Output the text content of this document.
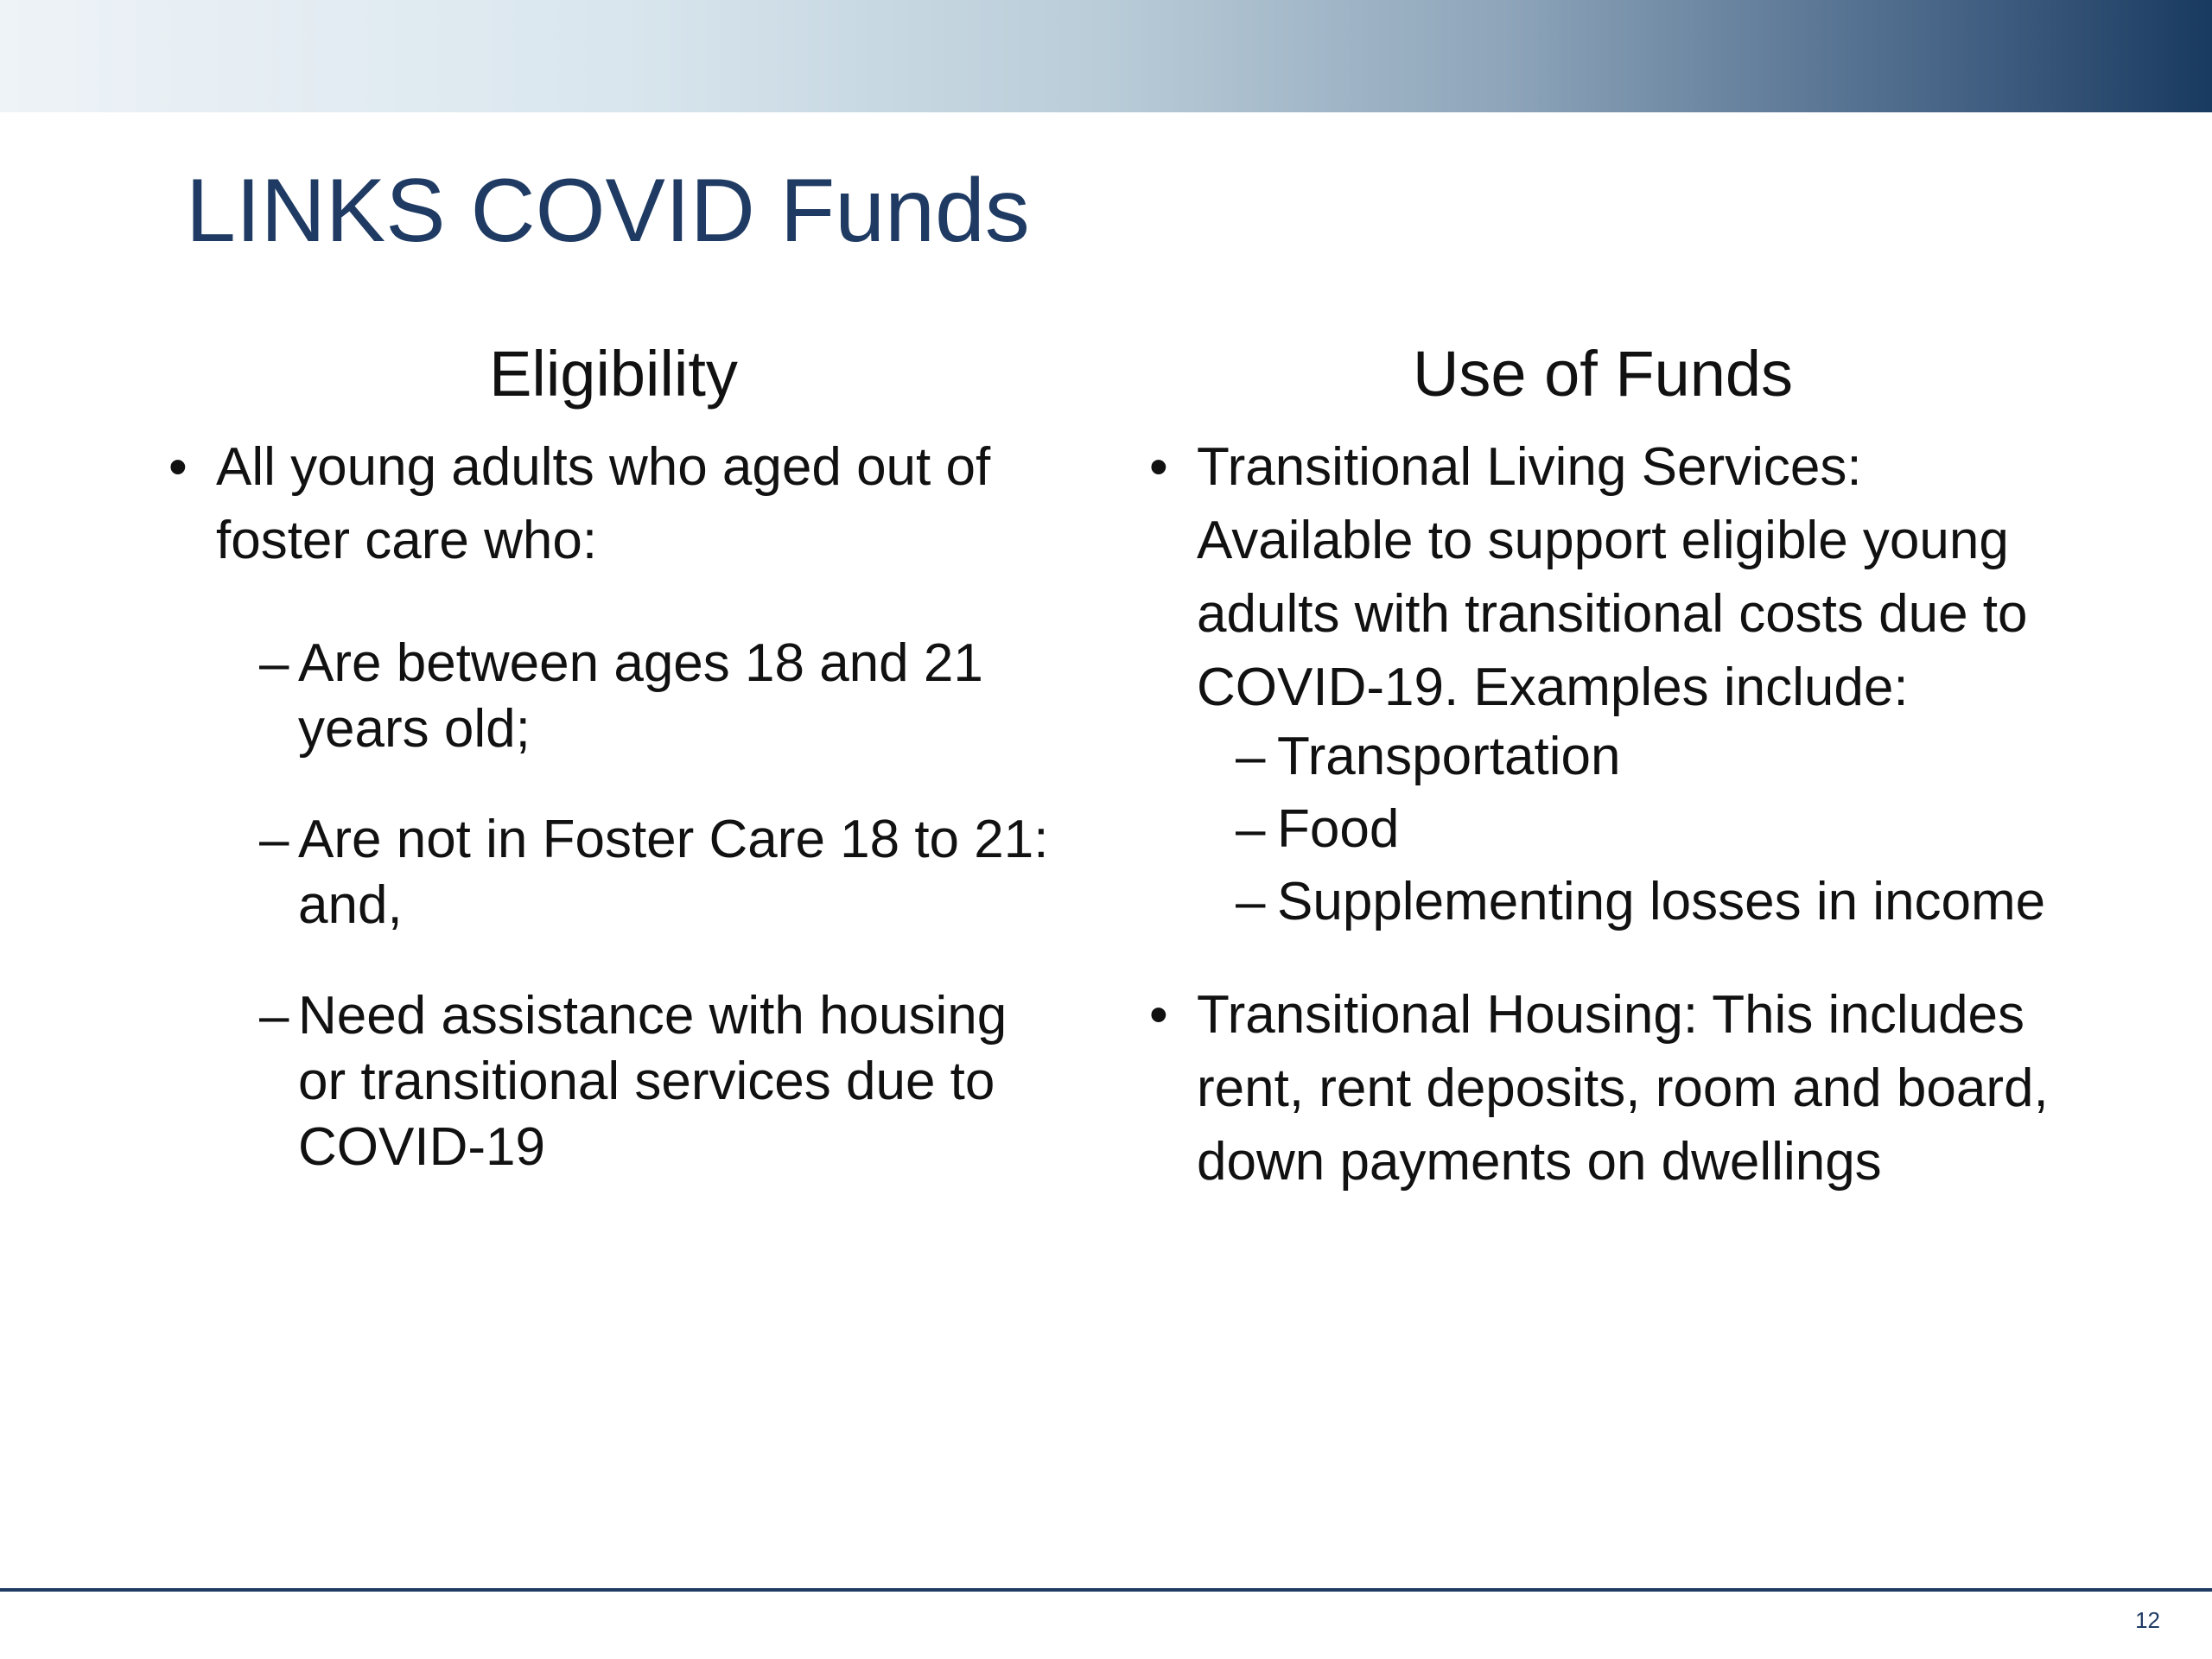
LINKS COVID Funds
Eligibility
• All young adults who aged out of foster care who:
– Are between ages 18 and 21 years old;
– Are not in Foster Care 18 to 21: and,
– Need assistance with housing or transitional services due to COVID-19
Use of Funds
• Transitional Living Services: Available to support eligible young adults with transitional costs due to COVID-19. Examples include:
– Transportation
– Food
– Supplementing losses in income
• Transitional Housing: This includes rent, rent deposits, room and board, down payments on dwellings
12
